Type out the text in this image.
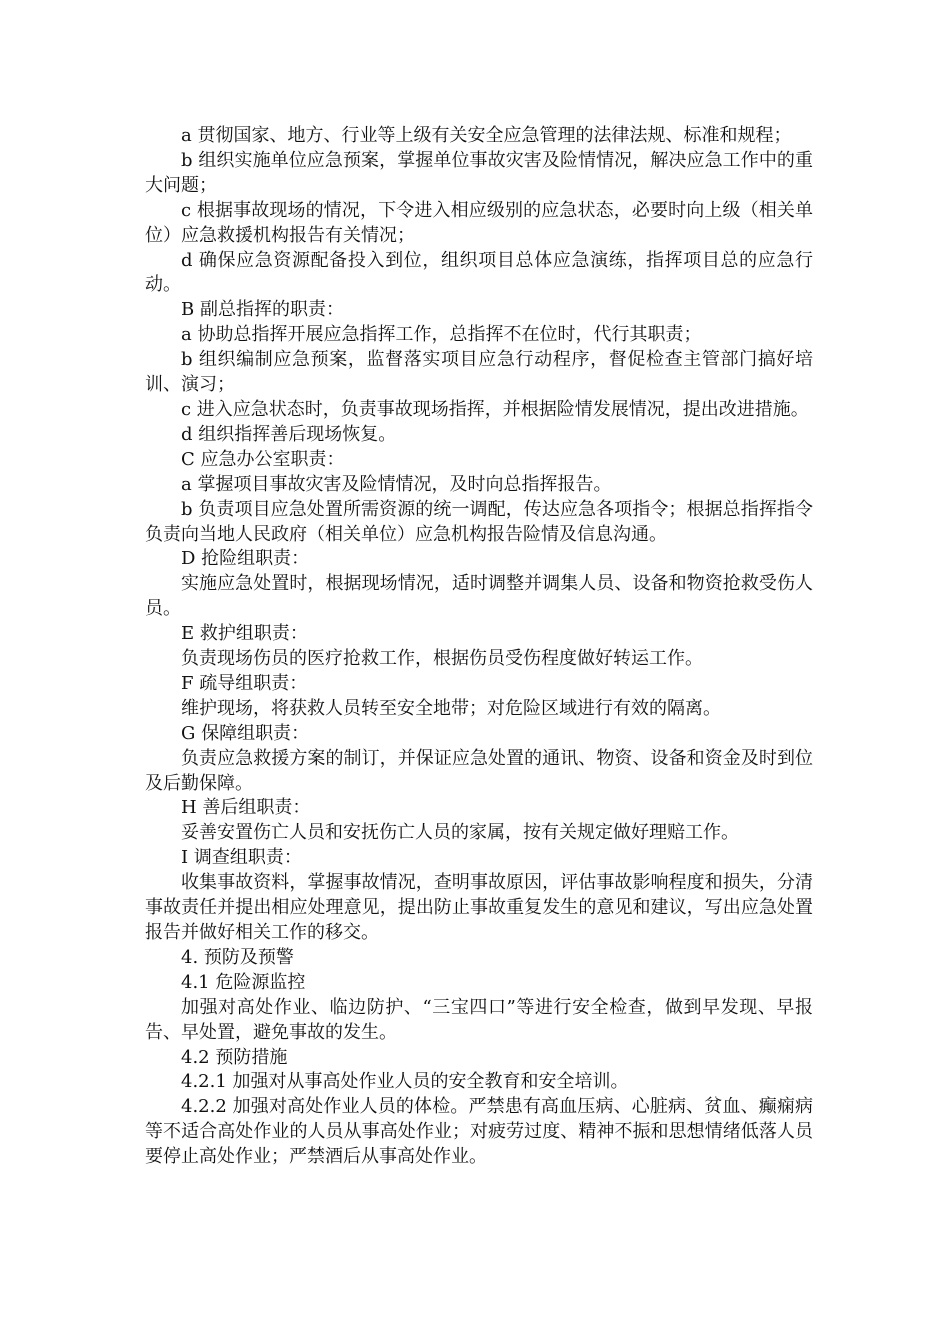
a 贯彻国家、地方、行业等上级有关安全应急管理的法律法规、标准和规程；

b 组织实施单位应急预案，掌握单位事故灾害及险情情况，解决应急工作中的重大问题；

c 根据事故现场的情况，下令进入相应级别的应急状态，必要时向上级（相关单位）应急救援机构报告有关情况；

d 确保应急资源配备投入到位，组织项目总体应急演练，指挥项目总的应急行动。

B 副总指挥的职责：

a 协助总指挥开展应急指挥工作，总指挥不在位时，代行其职责；

b 组织编制应急预案，监督落实项目应急行动程序，督促检查主管部门搞好培训、演习；

c 进入应急状态时，负责事故现场指挥，并根据险情发展情况，提出改进措施。

d 组织指挥善后现场恢复。

C 应急办公室职责：

a 掌握项目事故灾害及险情情况，及时向总指挥报告。

b 负责项目应急处置所需资源的统一调配，传达应急各项指令；根据总指挥指令负责向当地人民政府（相关单位）应急机构报告险情及信息沟通。

D 抢险组职责：

实施应急处置时，根据现场情况，适时调整并调集人员、设备和物资抢救受伤人员。

E 救护组职责：

负责现场伤员的医疗抢救工作，根据伤员受伤程度做好转运工作。

F 疏导组职责：

维护现场，将获救人员转至安全地带；对危险区域进行有效的隔离。

G 保障组职责：

负责应急救援方案的制订，并保证应急处置的通讯、物资、设备和资金及时到位及后勤保障。

H 善后组职责：

妥善安置伤亡人员和安抚伤亡人员的家属，按有关规定做好理赔工作。

I 调查组职责：

收集事故资料，掌握事故情况，查明事故原因，评估事故影响程度和损失，分清事故责任并提出相应处理意见，提出防止事故重复发生的意见和建议，写出应急处置报告并做好相关工作的移交。

4. 预防及预警

4.1 危险源监控

加强对高处作业、临边防护、“三宝四口”等进行安全检查，做到早发现、早报告、早处置，避免事故的发生。

4.2 预防措施

4.2.1 加强对从事高处作业人员的安全教育和安全培训。

4.2.2 加强对高处作业人员的体检。严禁患有高血压病、心脏病、贫血、癫痫病等不适合高处作业的人员从事高处作业；对疲劳过度、精神不振和思想情绪低落人员要停止高处作业；严禁酒后从事高处作业。
